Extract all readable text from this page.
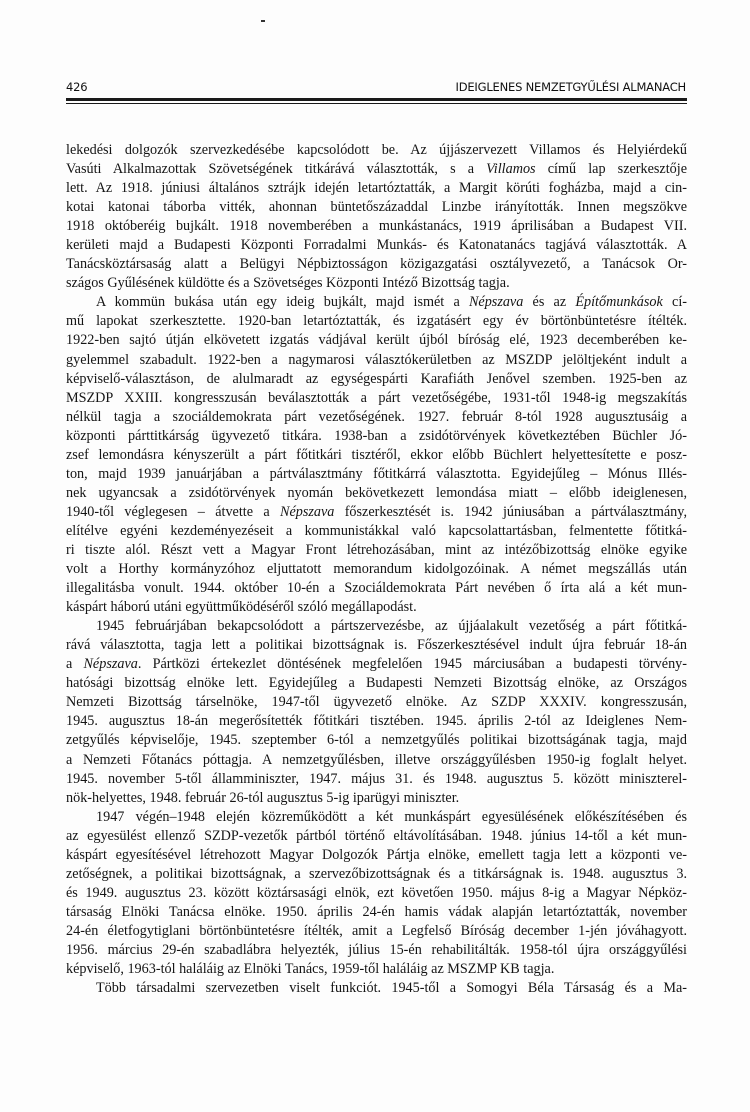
426	IDEIGLENES NEMZETGYŰLÉSI ALMANACH
lekedési dolgozók szervezkedésébe kapcsolódott be. Az újjászervezett Villamos és Helyiérdekű
Vasúti Alkalmazottak Szövetségének titkárává választották, s a Villamos című lap szerkesztője
lett. Az 1918. júniusi általános sztrájk idején letartóztatták, a Margit körúti fogházba, majd a cin-
kotai katonai táborba vitték, ahonnan büntetőszázaddal Linzbe irányították. Innen megszökve
1918 októberéig bujkált. 1918 novemberében a munkástanács, 1919 áprilisában a Budapest VII.
kerületi majd a Budapesti Központi Forradalmi Munkás- és Katonatanács tagjává választották. A
Tanácsköztársaság alatt a Belügyi Népbiztosságon közigazgatási osztályvezető, a Tanácsok Or-
szágos Gyűlésének küldötte és a Szövetséges Központi Intéző Bizottság tagja.
A kommün bukása után egy ideig bujkált, majd ismét a Népszava és az Építőmunkások cí-
mű lapokat szerkesztette. 1920-ban letartóztatták, és izgatásért egy év börtönbüntetésre ítélték.
1922-ben sajtó útján elkövetett izgatás vádjával került újból bíróság elé, 1923 decemberében ke-
gyelemmel szabadult. 1922-ben a nagymarosi választókerületben az MSZDP jelöltjeként indult a
képviselő-választáson, de alulmaradt az egységespárti Karafiáth Jenővel szemben. 1925-ben az
MSZDP XXIII. kongresszusán beválasztották a párt vezetőségébe, 1931-től 1948-ig megszakítás
nélkül tagja a szociáldemokrata párt vezetőségének. 1927. február 8-tól 1928 augusztusáig a
központi párttitkárság ügyvezető titkára. 1938-ban a zsidótörvények következtében Büchler Jó-
zsef lemondásra kényszerült a párt főtitkári tisztéről, ekkor előbb Büchlert helyettesítette e posz-
ton, majd 1939 januárjában a pártválasztmány főtitkárrá választotta. Egyidejűleg – Mónus Illés-
nek ugyancsak a zsidótörvények nyomán bekövetkezett lemondása miatt – előbb ideiglenesen,
1940-től véglegesen – átvette a Népszava főszerkesztését is. 1942 júniusában a pártválasztmány,
elítélve egyéni kezdeményezéseit a kommunistákkal való kapcsolattartásban, felmentette főtitká-
ri tiszte alól. Részt vett a Magyar Front létrehozásában, mint az intézőbizottság elnöke egyike
volt a Horthy kormányzóhoz eljuttatott memorandum kidolgozóinak. A német megszállás után
illegalitásba vonult. 1944. október 10-én a Szociáldemokrata Párt nevében ő írta alá a két mun-
káspárt háború utáni együttműködéséről szóló megállapodást.
1945 februárjában bekapcsolódott a pártszervezésbe, az újjáalakult vezetőség a párt főtitká-
rává választotta, tagja lett a politikai bizottságnak is. Főszerkesztésével indult újra február 18-án
a Népszava. Pártközi értekezlet döntésének megfelelően 1945 márciusában a budapesti törvény-
hatósági bizottság elnöke lett. Egyidejűleg a Budapesti Nemzeti Bizottság elnöke, az Országos
Nemzeti Bizottság társelnöke, 1947-től ügyvezető elnöke. Az SZDP XXXIV. kongresszusán,
1945. augusztus 18-án megerősítették főtitkári tisztében. 1945. április 2-tól az Ideiglenes Nem-
zetgyűlés képviselője, 1945. szeptember 6-tól a nemzetgyűlés politikai bizottságának tagja, majd
a Nemzeti Főtanács póttagja. A nemzetgyűlésben, illetve országgyűlésben 1950-ig foglalt helyet.
1945. november 5-től államminiszter, 1947. május 31. és 1948. augusztus 5. között miniszterel-
nök-helyettes, 1948. február 26-tól augusztus 5-ig iparügyi miniszter.
1947 végén–1948 elején közreműködött a két munkáspárt egyesülésének előkészítésében és
az egyesülést ellenző SZDP-vezetők pártból történő eltávolításában. 1948. június 14-től a két mun-
káspárt egyesítésével létrehozott Magyar Dolgozók Pártja elnöke, emellett tagja lett a központi ve-
zetőségnek, a politikai bizottságnak, a szervezőbizottságnak és a titkárságnak is. 1948. augusztus 3.
és 1949. augusztus 23. között köztársasági elnök, ezt követően 1950. május 8-ig a Magyar Népköz-
társaság Elnöki Tanácsa elnöke. 1950. április 24-én hamis vádak alapján letartóztatták, november
24-én életfogytiglani börtönbüntetésre ítélték, amit a Legfelső Bíróság december 1-jén jóváhagyott.
1956. március 29-én szabadlábra helyezték, július 15-én rehabilitálták. 1958-tól újra országgyűlési
képviselő, 1963-tól haláláig az Elnöki Tanács, 1959-től haláláig az MSZMP KB tagja.
Több társadalmi szervezetben viselt funkciót. 1945-től a Somogyi Béla Társaság és a Ma-
